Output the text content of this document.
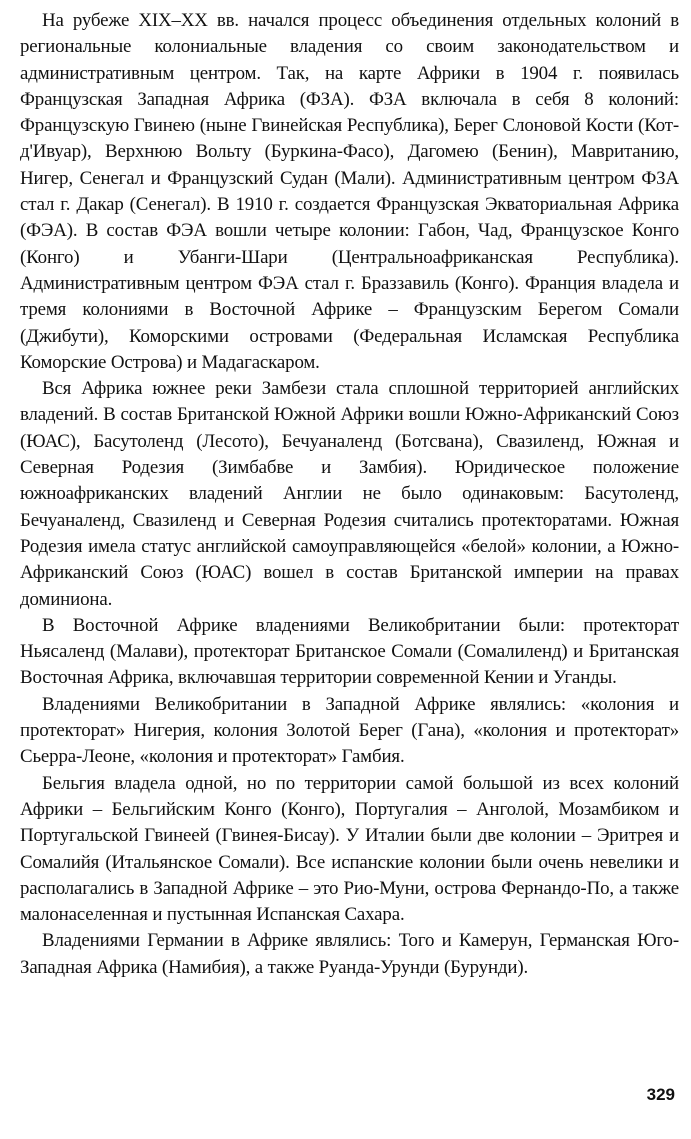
На рубеже XIX–XX вв. начался процесс объединения отдельных колоний в региональные колониальные владения со своим законодательством и административным центром. Так, на карте Африки в 1904 г. появилась Французская Западная Африка (ФЗА). ФЗА включала в себя 8 колоний: Французскую Гвинею (ныне Гвинейская Республика), Берег Слоновой Кости (Кот-д'Ивуар), Верхнюю Вольту (Буркина-Фасо), Дагомею (Бенин), Мавританию, Нигер, Сенегал и Французский Судан (Мали). Административным центром ФЗА стал г. Дакар (Сенегал). В 1910 г. создается Французская Экваториальная Африка (ФЭА). В состав ФЭА вошли четыре колонии: Габон, Чад, Французское Конго (Конго) и Убанги-Шари (Центральноафриканская Республика). Административным центром ФЭА стал г. Браззавиль (Конго). Франция владела и тремя колониями в Восточной Африке – Французским Берегом Сомали (Джибути), Коморскими островами (Федеральная Исламская Республика Коморские Острова) и Мадагаскаром.

Вся Африка южнее реки Замбези стала сплошной территорией английских владений. В состав Британской Южной Африки вошли Южно-Африканский Союз (ЮАС), Басутоленд (Лесото), Бечуаналенд (Ботсвана), Свазиленд, Южная и Северная Родезия (Зимбабве и Замбия). Юридическое положение южноафриканских владений Англии не было одинаковым: Басутоленд, Бечуаналенд, Свазиленд и Северная Родезия считались протекторатами. Южная Родезия имела статус английской самоуправляющейся «белой» колонии, а Южно-Африканский Союз (ЮАС) вошел в состав Британской империи на правах доминиона.

В Восточной Африке владениями Великобритании были: протекторат Ньясаленд (Малави), протекторат Британское Сомали (Сомалиленд) и Британская Восточная Африка, включавшая территории современной Кении и Уганды.

Владениями Великобритании в Западной Африке являлись: «колония и протекторат» Нигерия, колония Золотой Берег (Гана), «колония и протекторат» Сьерра-Леоне, «колония и протекторат» Гамбия.

Бельгия владела одной, но по территории самой большой из всех колоний Африки – Бельгийским Конго (Конго), Португалия – Анголой, Мозамбиком и Португальской Гвинеей (Гвинея-Бисау). У Италии были две колонии – Эритрея и Сомалийя (Итальянское Сомали). Все испанские колонии были очень невелики и располагались в Западной Африке – это Рио-Муни, острова Фернандо-По, а также малонаселенная и пустынная Испанская Сахара.

Владениями Германии в Африке являлись: Того и Камерун, Германская Юго-Западная Африка (Намибия), а также Руанда-Урунди (Бурунди).

329
